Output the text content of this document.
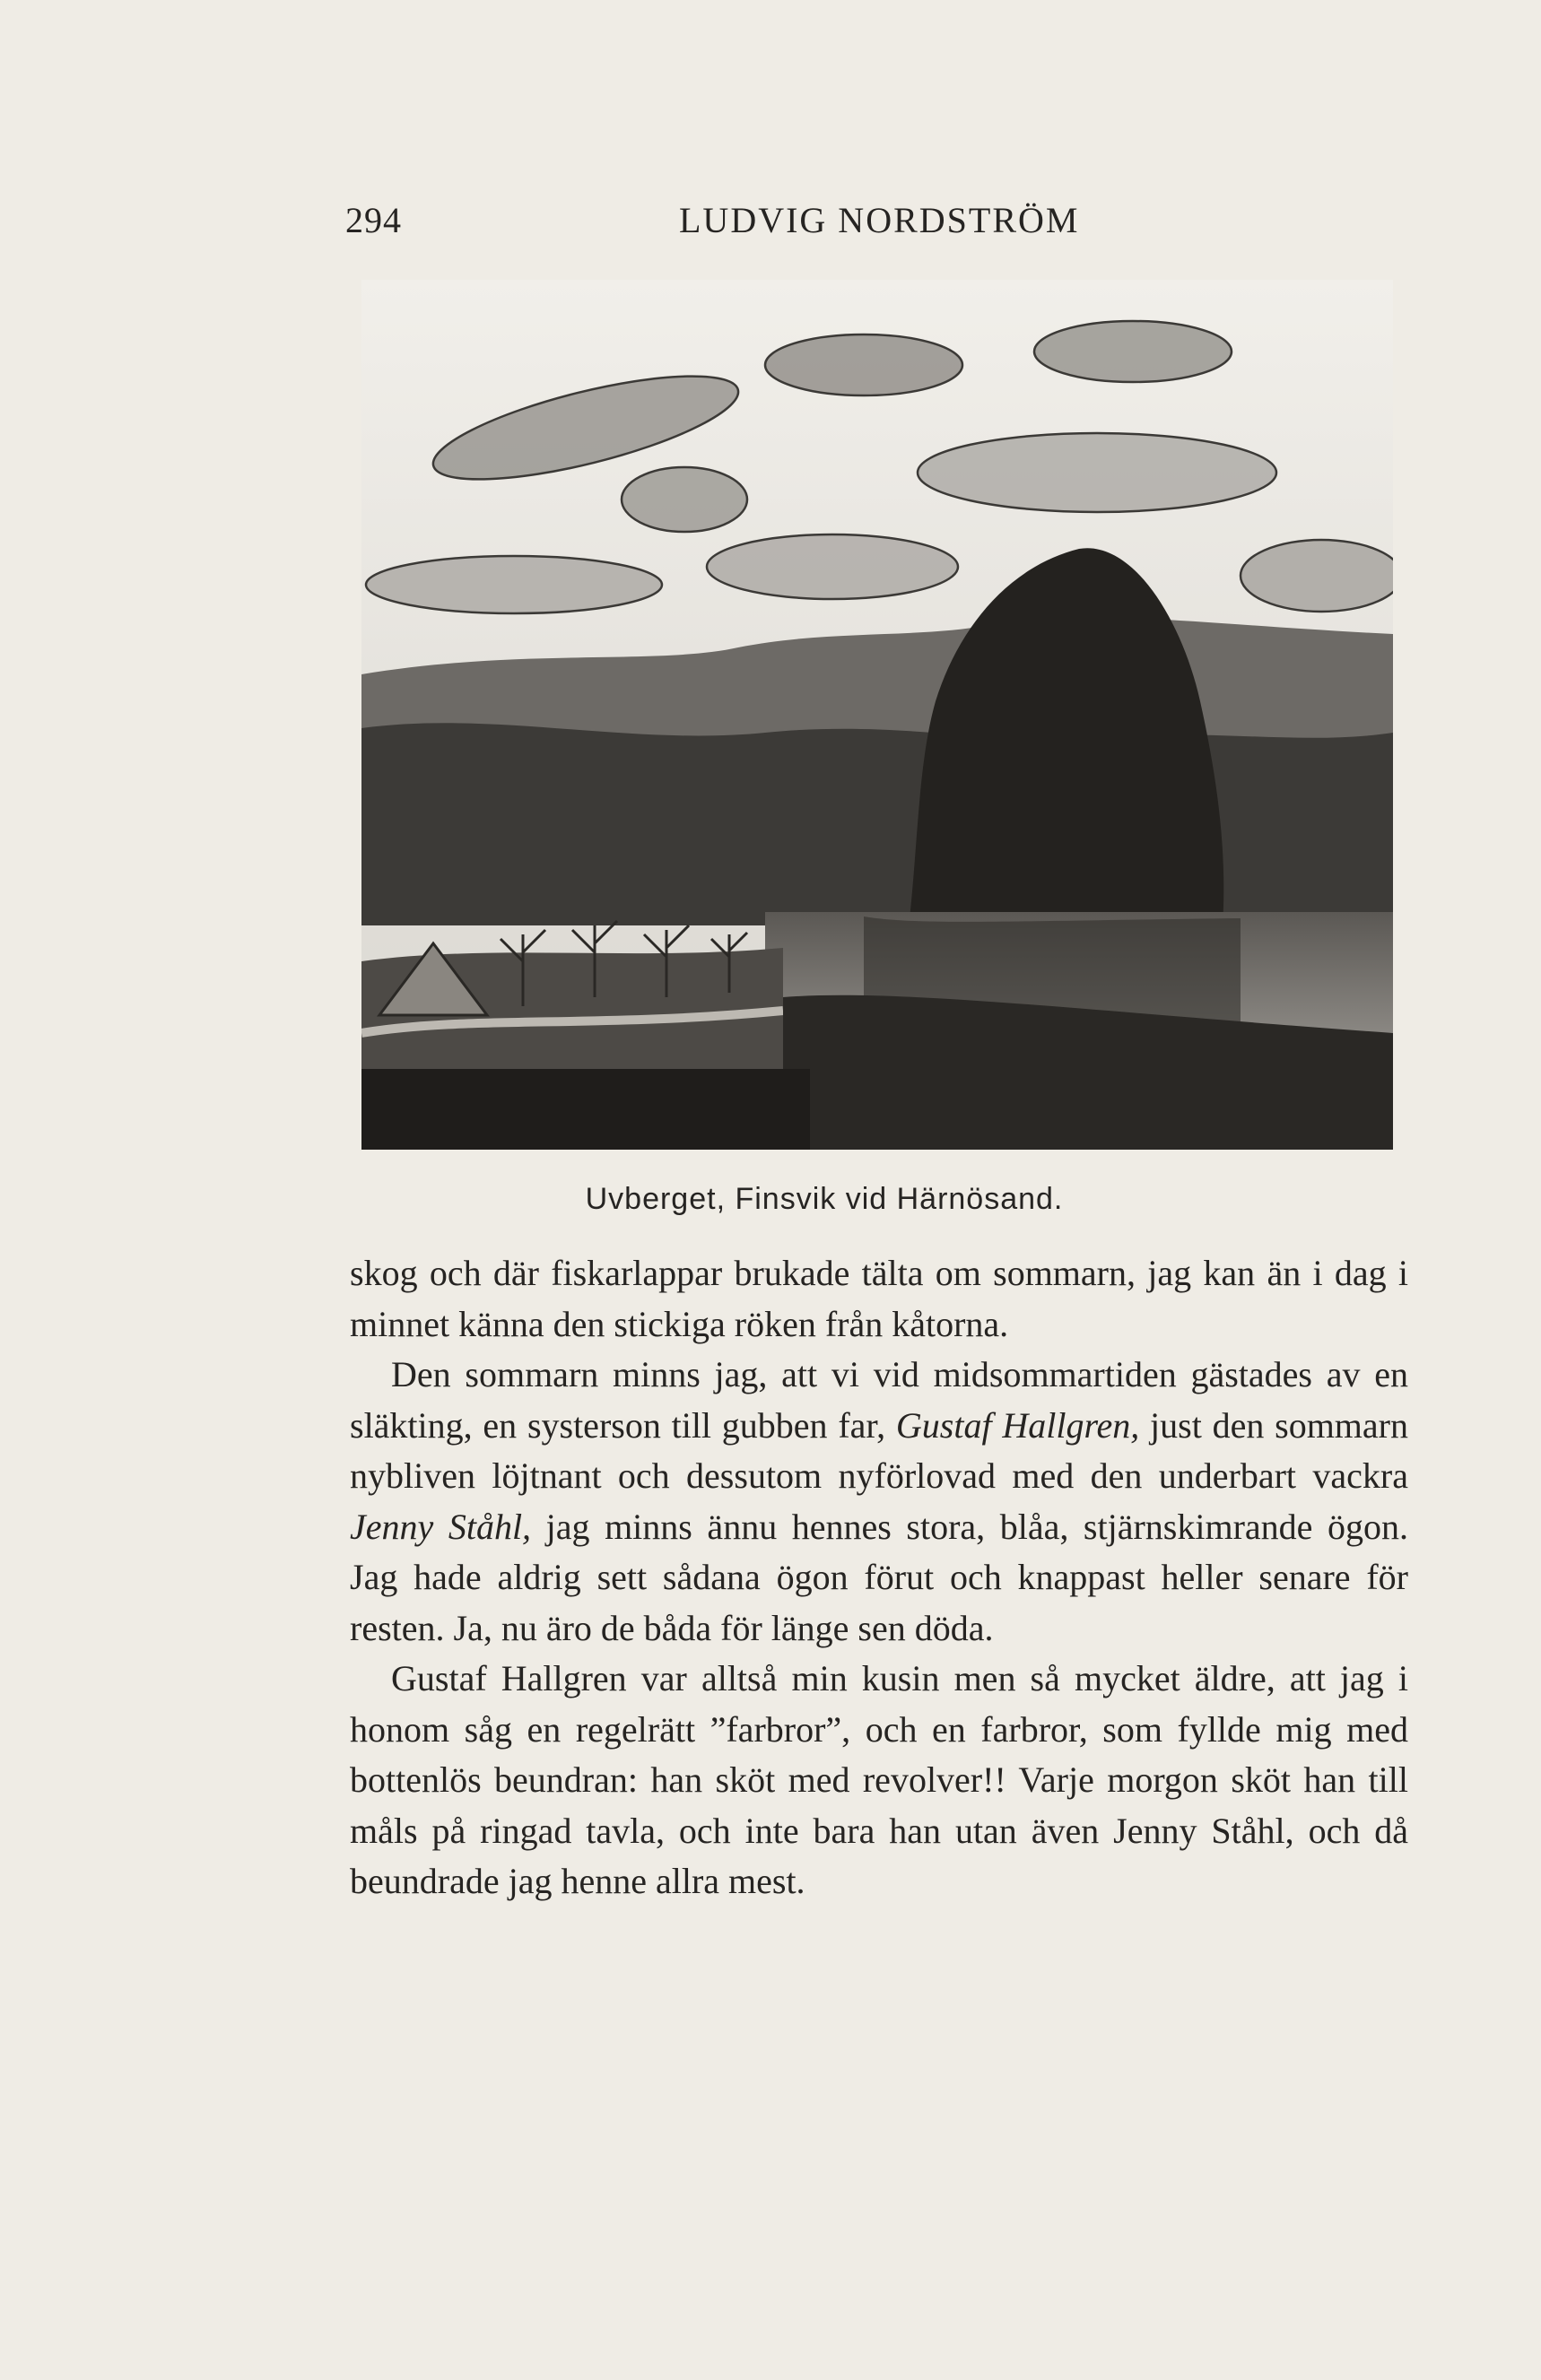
294	LUDVIG NORDSTRÖM
Uvberget, Finsvik vid Härnösand.

skog och där fiskarlappar brukade tälta om sommarn, jag kan än i dag i minnet känna den stickiga röken från kåtorna.

Den sommarn minns jag, att vi vid midsommartiden gästades av en släkting, en systerson till gubben far, Gustaf Hallgren, just den sommarn nybliven löjtnant och dessutom nyförlovad med den underbart vackra Jenny Ståhl, jag minns ännu hennes stora, blåa, stjärnskimrande ögon. Jag hade aldrig sett sådana ögon förut och knappast heller senare för resten. Ja, nu äro de båda för länge sen döda.

Gustaf Hallgren var alltså min kusin men så mycket äldre, att jag i honom såg en regelrätt ”farbror”, och en farbror, som fyllde mig med bottenlös beundran: han sköt med revolver!! Varje morgon sköt han till måls på ringad tavla, och inte bara han utan även Jenny Ståhl, och då beundrade jag henne allra mest.
